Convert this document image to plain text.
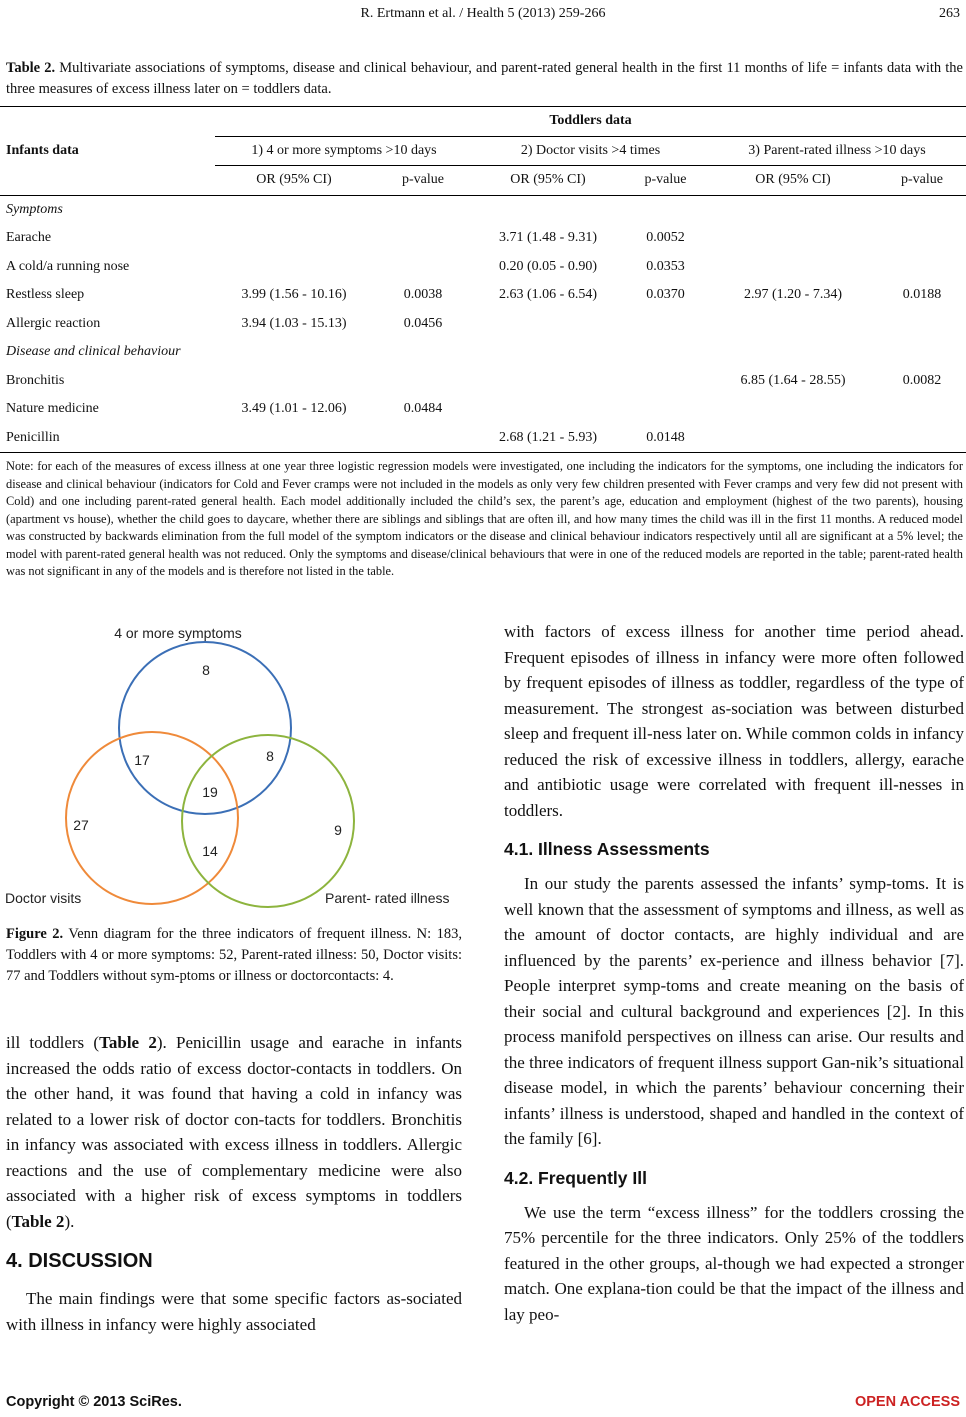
R. Ertmann et al. / Health 5 (2013) 259-266	263
Table 2. Multivariate associations of symptoms, disease and clinical behaviour, and parent-rated general health in the first 11 months of life = infants data with the three measures of excess illness later on = toddlers data.
Infants data	Toddlers data					
	1) 4 or more symptoms >10 days		2) Doctor visits >4 times		3) Parent-rated illness >10 days	
	OR (95% CI)	p-value	OR (95% CI)	p-value	OR (95% CI)	p-value
Symptoms						
Earache			3.71 (1.48 - 9.31)	0.0052		
A cold/a running nose			0.20 (0.05 - 0.90)	0.0353		
Restless sleep	3.99 (1.56 - 10.16)	0.0038	2.63 (1.06 - 6.54)	0.0370	2.97 (1.20 - 7.34)	0.0188
Allergic reaction	3.94 (1.03 - 15.13)	0.0456				
Disease and clinical behaviour						
Bronchitis					6.85 (1.64 - 28.55)	0.0082
Nature medicine	3.49 (1.01 - 12.06)	0.0484				
Penicillin			2.68 (1.21 - 5.93)	0.0148		
Note: for each of the measures of excess illness at one year three logistic regression models were investigated, one including the indicators for the symptoms, one including the indicators for disease and clinical behaviour (indicators for Cold and Fever cramps were not included in the models as only very few children presented with Fever cramps and very few did not present with Cold) and one including parent-rated general health. Each model additionally included the child’s sex, the parent’s age, education and employment (highest of the two parents), housing (apartment vs house), whether the child goes to daycare, whether there are siblings and siblings that are often ill, and how many times the child was ill in the first 11 months. A reduced model was constructed by backwards elimination from the full model of the symptom indicators or the disease and clinical behaviour indicators respectively until all are significant at a 5% level; the model with parent-rated general health was not reduced. Only the symptoms and disease/clinical behaviours that were in one of the reduced models are reported in the table; parent-rated health was not significant in any of the models and is therefore not listed in the table.
4 or more symptoms
Doctor visits	Parent- rated illness
8
8
17
19
27	9
14
Figure 2. Venn diagram for the three indicators of frequent illness. N: 183, Toddlers with 4 or more symptoms: 52, Parent-rated illness: 50, Doctor visits: 77 and Toddlers without sym-ptoms or illness or doctorcontacts: 4.

ill toddlers (Table 2). Penicillin usage and earache in infants increased the odds ratio of excess doctor-contacts in toddlers. On the other hand, it was found that having a cold in infancy was related to a lower risk of doctor con-tacts for toddlers. Bronchitis in infancy was associated with excess illness in toddlers. Allergic reactions and the use of complementary medicine were also associated with a higher risk of excess symptoms in toddlers (Table 2).

4. DISCUSSION

The main findings were that some specific factors as-sociated with illness in infancy were highly associated

with factors of excess illness for another time period ahead. Frequent episodes of illness in infancy were more often followed by frequent episodes of illness as toddler, regardless of the type of measurement. The strongest as-sociation was between disturbed sleep and frequent ill-ness later on. While common colds in infancy reduced the risk of excessive illness in toddlers, allergy, earache and antibiotic usage were correlated with frequent ill-nesses in toddlers.

4.1. Illness Assessments

In our study the parents assessed the infants’ symp-toms. It is well known that the assessment of symptoms and illness, as well as the amount of doctor contacts, are highly individual and are influenced by the parents’ ex-perience and illness behavior [7]. People interpret symp-toms and create meaning on the basis of their social and cultural background and experiences [2]. In this process manifold perspectives on illness can arise. Our results and the three indicators of frequent illness support Gan-nik’s situational disease model, in which the parents’ behaviour concerning their infants’ illness is understood, shaped and handled in the context of the family [6].

4.2. Frequently Ill

We use the term “excess illness” for the toddlers crossing the 75% percentile for the three indicators. Only 25% of the toddlers featured in the other groups, al-though we had expected a stronger match. One explana-tion could be that the impact of the illness and lay peo-

Copyright © 2013 SciRes.	OPEN ACCESS
